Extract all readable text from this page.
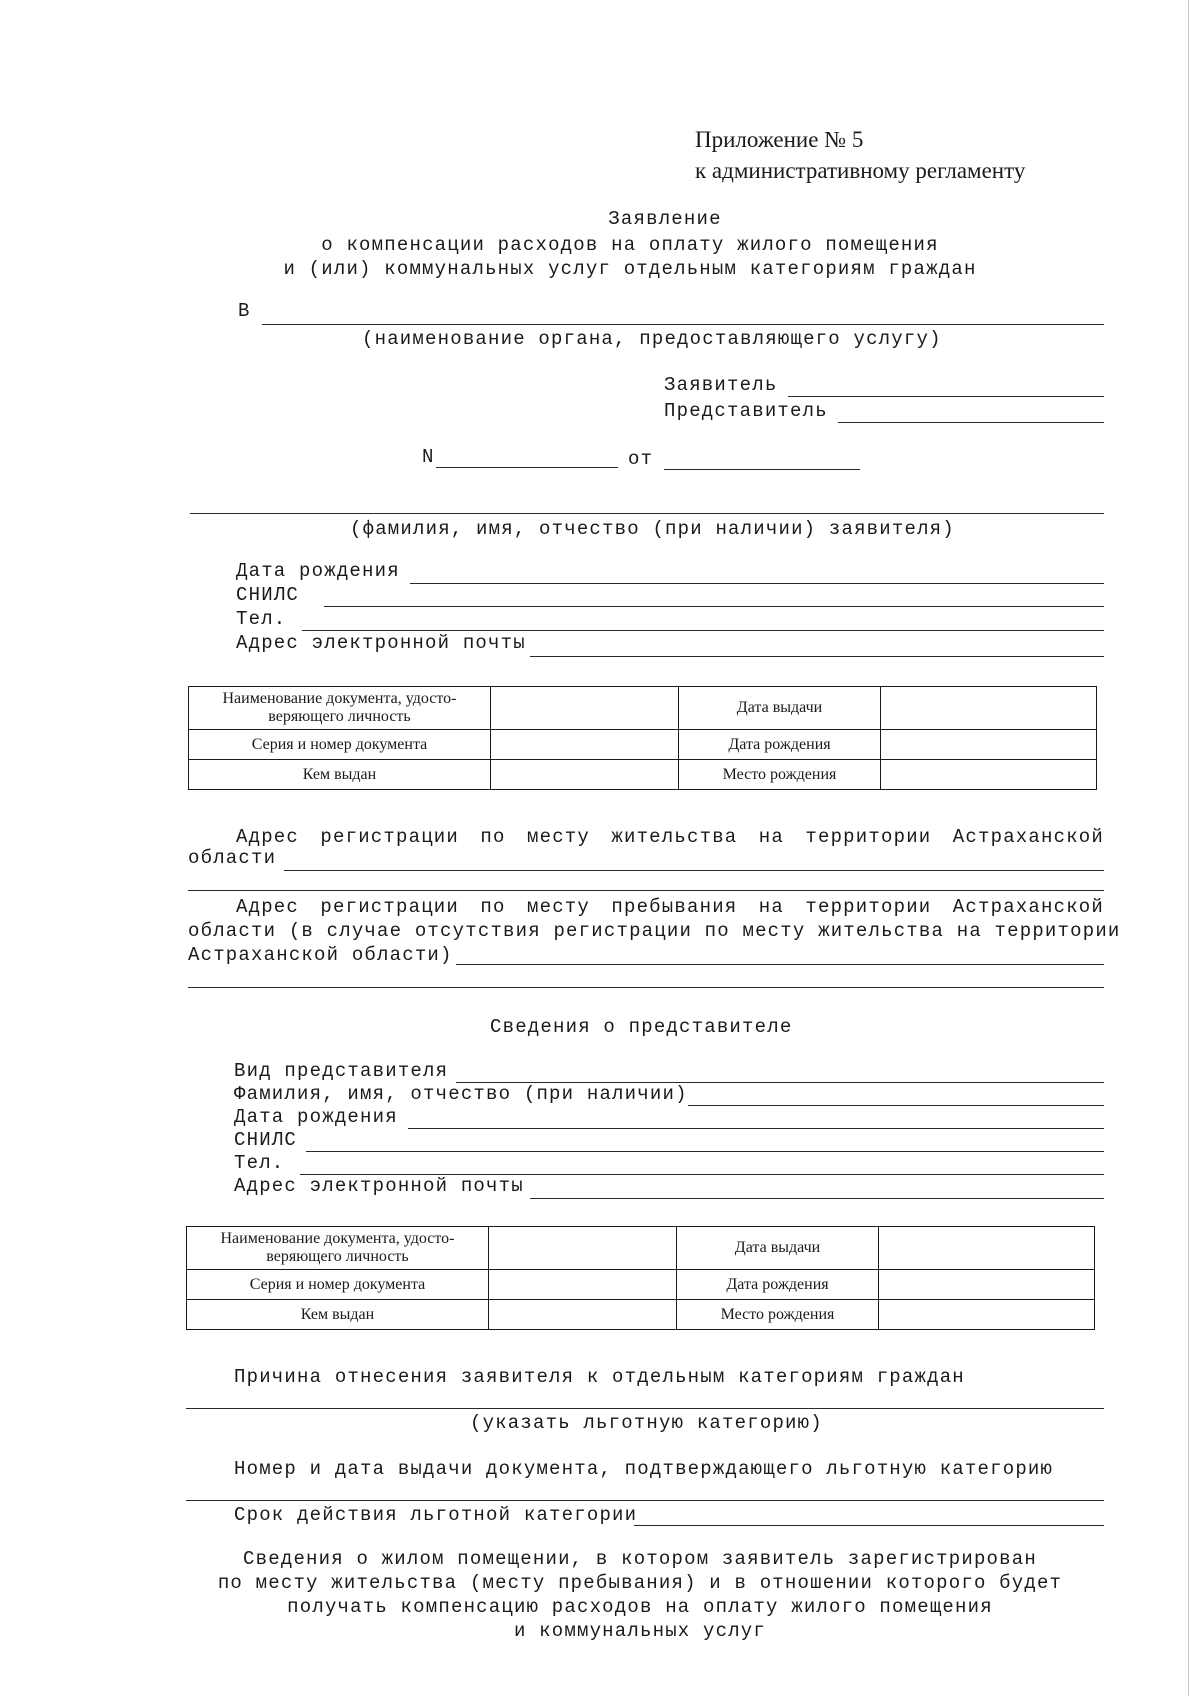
Приложение № 5
к административному регламенту
Заявление
о компенсации расходов на оплату жилого помещения
и (или) коммунальных услуг отдельным категориям граждан
В
(наименование органа, предоставляющего услугу)
Заявитель
Представитель
N	от
(фамилия, имя, отчество (при наличии) заявителя)
Дата рождения
СНИЛС
Тел.
Адрес электронной почты
Наименование документа, удосто-
веряющего личность		Дата выдачи	
Серия и номер документа		Дата рождения	
Кем выдан		Место рождения	
Адрес регистрации по месту жительства на территории Астраханской
области
Адрес регистрации по месту пребывания на территории Астраханской
области (в случае отсутствия регистрации по месту жительства на территории
Астраханской области)
Сведения о представителе
Вид представителя
Фамилия, имя, отчество (при наличии)
Дата рождения
СНИЛС
Тел.
Адрес электронной почты
Наименование документа, удосто-
веряющего личность		Дата выдачи	
Серия и номер документа		Дата рождения	
Кем выдан		Место рождения	
Причина отнесения заявителя к отдельным категориям граждан
(указать льготную категорию)
Номер и дата выдачи документа, подтверждающего льготную категорию
Срок действия льготной категории
Сведения о жилом помещении, в котором заявитель зарегистрирован
по месту жительства (месту пребывания) и в отношении которого будет
получать компенсацию расходов на оплату жилого помещения
и коммунальных услуг
